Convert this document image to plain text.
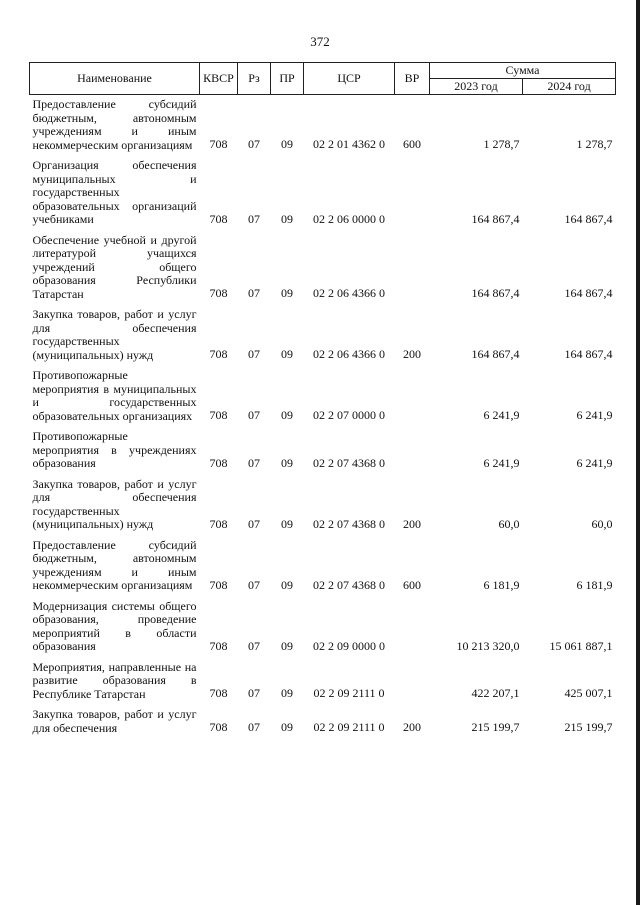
372
Наименование	КВСР	Рз	ПР	ЦСР	ВР	Сумма	
						2023 год	2024 год
Предоставление субсидий бюджетным, автономным учреждениям и иным некоммерческим организациям	708	07	09	02 2 01 4362 0	600	1 278,7	1 278,7
Организация обеспечения муниципальных и государственных образовательных организаций учебниками	708	07	09	02 2 06 0000 0		164 867,4	164 867,4
Обеспечение учебной и другой литературой учащихся учреждений общего образования Республики Татарстан	708	07	09	02 2 06 4366 0		164 867,4	164 867,4
Закупка товаров, работ и услуг для обеспечения государственных (муниципальных) нужд	708	07	09	02 2 06 4366 0	200	164 867,4	164 867,4
Противопожарные мероприятия в муниципальных и государственных образовательных организациях	708	07	09	02 2 07 0000 0		6 241,9	6 241,9
Противопожарные мероприятия в учреждениях образования	708	07	09	02 2 07 4368 0		6 241,9	6 241,9
Закупка товаров, работ и услуг для обеспечения государственных (муниципальных) нужд	708	07	09	02 2 07 4368 0	200	60,0	60,0
Предоставление субсидий бюджетным, автономным учреждениям и иным некоммерческим организациям	708	07	09	02 2 07 4368 0	600	6 181,9	6 181,9
Модернизация системы общего образования, проведение мероприятий в области образования	708	07	09	02 2 09 0000 0		10 213 320,0	15 061 887,1
Мероприятия, направленные на развитие образования в Республике Татарстан	708	07	09	02 2 09 2111 0		422 207,1	425 007,1
Закупка товаров, работ и услуг для обеспечения	708	07	09	02 2 09 2111 0	200	215 199,7	215 199,7
